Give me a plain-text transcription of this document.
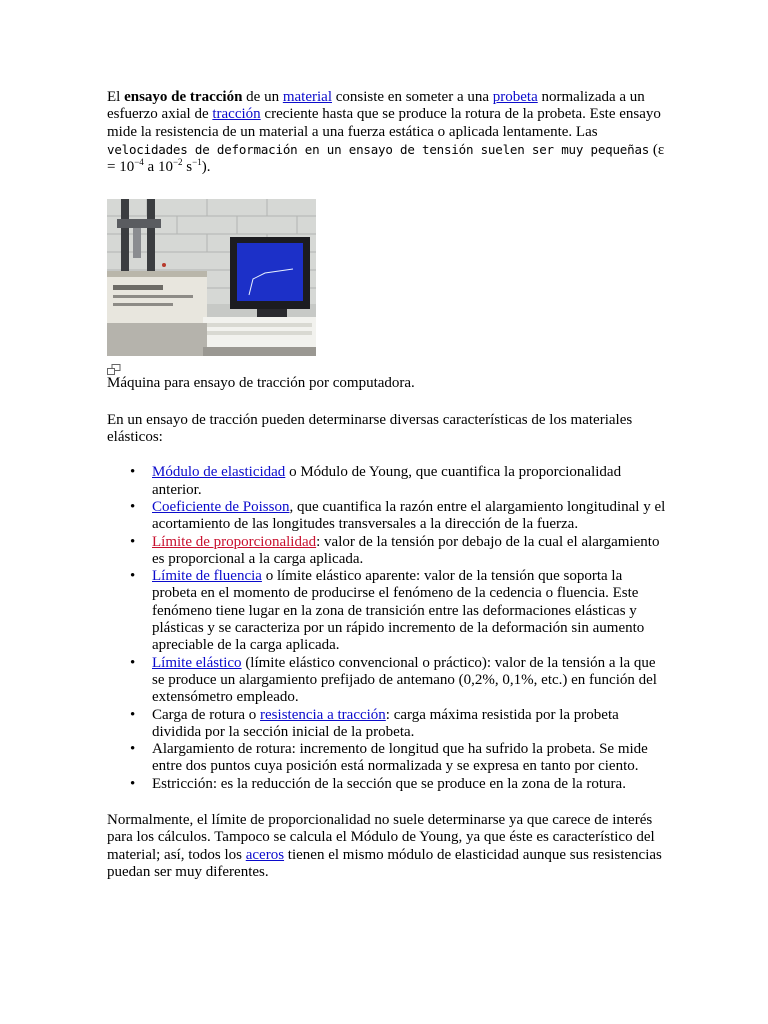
El ensayo de tracción de un material consiste en someter a una probeta normalizada a un esfuerzo axial de tracción creciente hasta que se produce la rotura de la probeta. Este ensayo mide la resistencia de un material a una fuerza estática o aplicada lentamente. Las velocidades de deformación en un ensayo de tensión suelen ser muy pequeñas ($\varepsilon = 10^{-4}$ a $10^{-2}$ $s^{-1}$).

Máquina para ensayo de tracción por computadora.

En un ensayo de tracción pueden determinarse diversas características de los materiales elásticos:

• Módulo de elasticidad o Módulo de Young, que cuantifica la proporcionalidad anterior.
• Coeficiente de Poisson, que cuantifica la razón entre el alargamiento longitudinal y el acortamiento de las longitudes transversales a la dirección de la fuerza.
• Límite de proporcionalidad: valor de la tensión por debajo de la cual el alargamiento es proporcional a la carga aplicada.
• Límite de fluencia o límite elástico aparente: valor de la tensión que soporta la probeta en el momento de producirse el fenómeno de la cedencia o fluencia. Este fenómeno tiene lugar en la zona de transición entre las deformaciones elásticas y plásticas y se caracteriza por un rápido incremento de la deformación sin aumento apreciable de la carga aplicada.
• Límite elástico (límite elástico convencional o práctico): valor de la tensión a la que se produce un alargamiento prefijado de antemano (0,2%, 0,1%, etc.) en función del extensómetro empleado.
• Carga de rotura o resistencia a tracción: carga máxima resistida por la probeta dividida por la sección inicial de la probeta.
• Alargamiento de rotura: incremento de longitud que ha sufrido la probeta. Se mide entre dos puntos cuya posición está normalizada y se expresa en tanto por ciento.
• Estricción: es la reducción de la sección que se produce en la zona de la rotura.

Normalmente, el límite de proporcionalidad no suele determinarse ya que carece de interés para los cálculos. Tampoco se calcula el Módulo de Young, ya que éste es característico del material; así, todos los aceros tienen el mismo módulo de elasticidad aunque sus resistencias puedan ser muy diferentes.
